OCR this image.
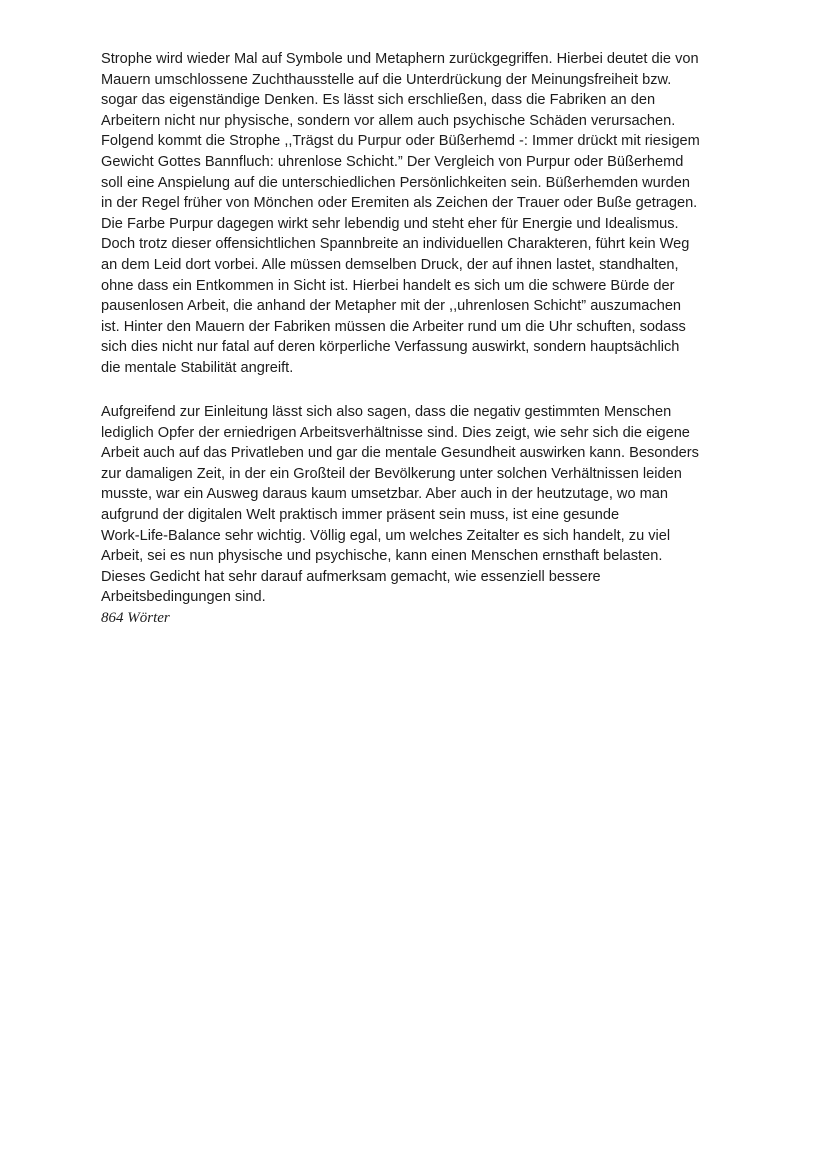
Strophe wird wieder Mal auf Symbole und Metaphern zurückgegriffen. Hierbei deutet die von
Mauern umschlossene Zuchthausstelle auf die Unterdrückung der Meinungsfreiheit bzw.
sogar das eigenständige Denken. Es lässt sich erschließen, dass die Fabriken an den
Arbeitern nicht nur physische, sondern vor allem auch psychische Schäden verursachen.
Folgend kommt die Strophe ,,Trägst du Purpur oder Büßerhemd -: Immer drückt mit riesigem
Gewicht Gottes Bannfluch: uhrenlose Schicht.” Der Vergleich von Purpur oder Büßerhemd
soll eine Anspielung auf die unterschiedlichen Persönlichkeiten sein. Büßerhemden wurden
in der Regel früher von Mönchen oder Eremiten als Zeichen der Trauer oder Buße getragen.
Die Farbe Purpur dagegen wirkt sehr lebendig und steht eher für Energie und Idealismus.
Doch trotz dieser offensichtlichen Spannbreite an individuellen Charakteren, führt kein Weg
an dem Leid dort vorbei. Alle müssen demselben Druck, der auf ihnen lastet, standhalten,
ohne dass ein Entkommen in Sicht ist. Hierbei handelt es sich um die schwere Bürde der
pausenlosen Arbeit, die anhand der Metapher mit der ,,uhrenlosen Schicht” auszumachen
ist. Hinter den Mauern der Fabriken müssen die Arbeiter rund um die Uhr schuften, sodass
sich dies nicht nur fatal auf deren körperliche Verfassung auswirkt, sondern hauptsächlich
die mentale Stabilität angreift.
Aufgreifend zur Einleitung lässt sich also sagen, dass die negativ gestimmten Menschen
lediglich Opfer der erniedrigen Arbeitsverhältnisse sind. Dies zeigt, wie sehr sich die eigene
Arbeit auch auf das Privatleben und gar die mentale Gesundheit auswirken kann. Besonders
zur damaligen Zeit, in der ein Großteil der Bevölkerung unter solchen Verhältnissen leiden
musste, war ein Ausweg daraus kaum umsetzbar. Aber auch in der heutzutage, wo man
aufgrund der digitalen Welt praktisch immer präsent sein muss, ist eine gesunde
Work-Life-Balance sehr wichtig. Völlig egal, um welches Zeitalter es sich handelt, zu viel
Arbeit, sei es nun physische und psychische, kann einen Menschen ernsthaft belasten.
Dieses Gedicht hat sehr darauf aufmerksam gemacht, wie essenziell bessere
Arbeitsbedingungen sind.
864 Wörter
